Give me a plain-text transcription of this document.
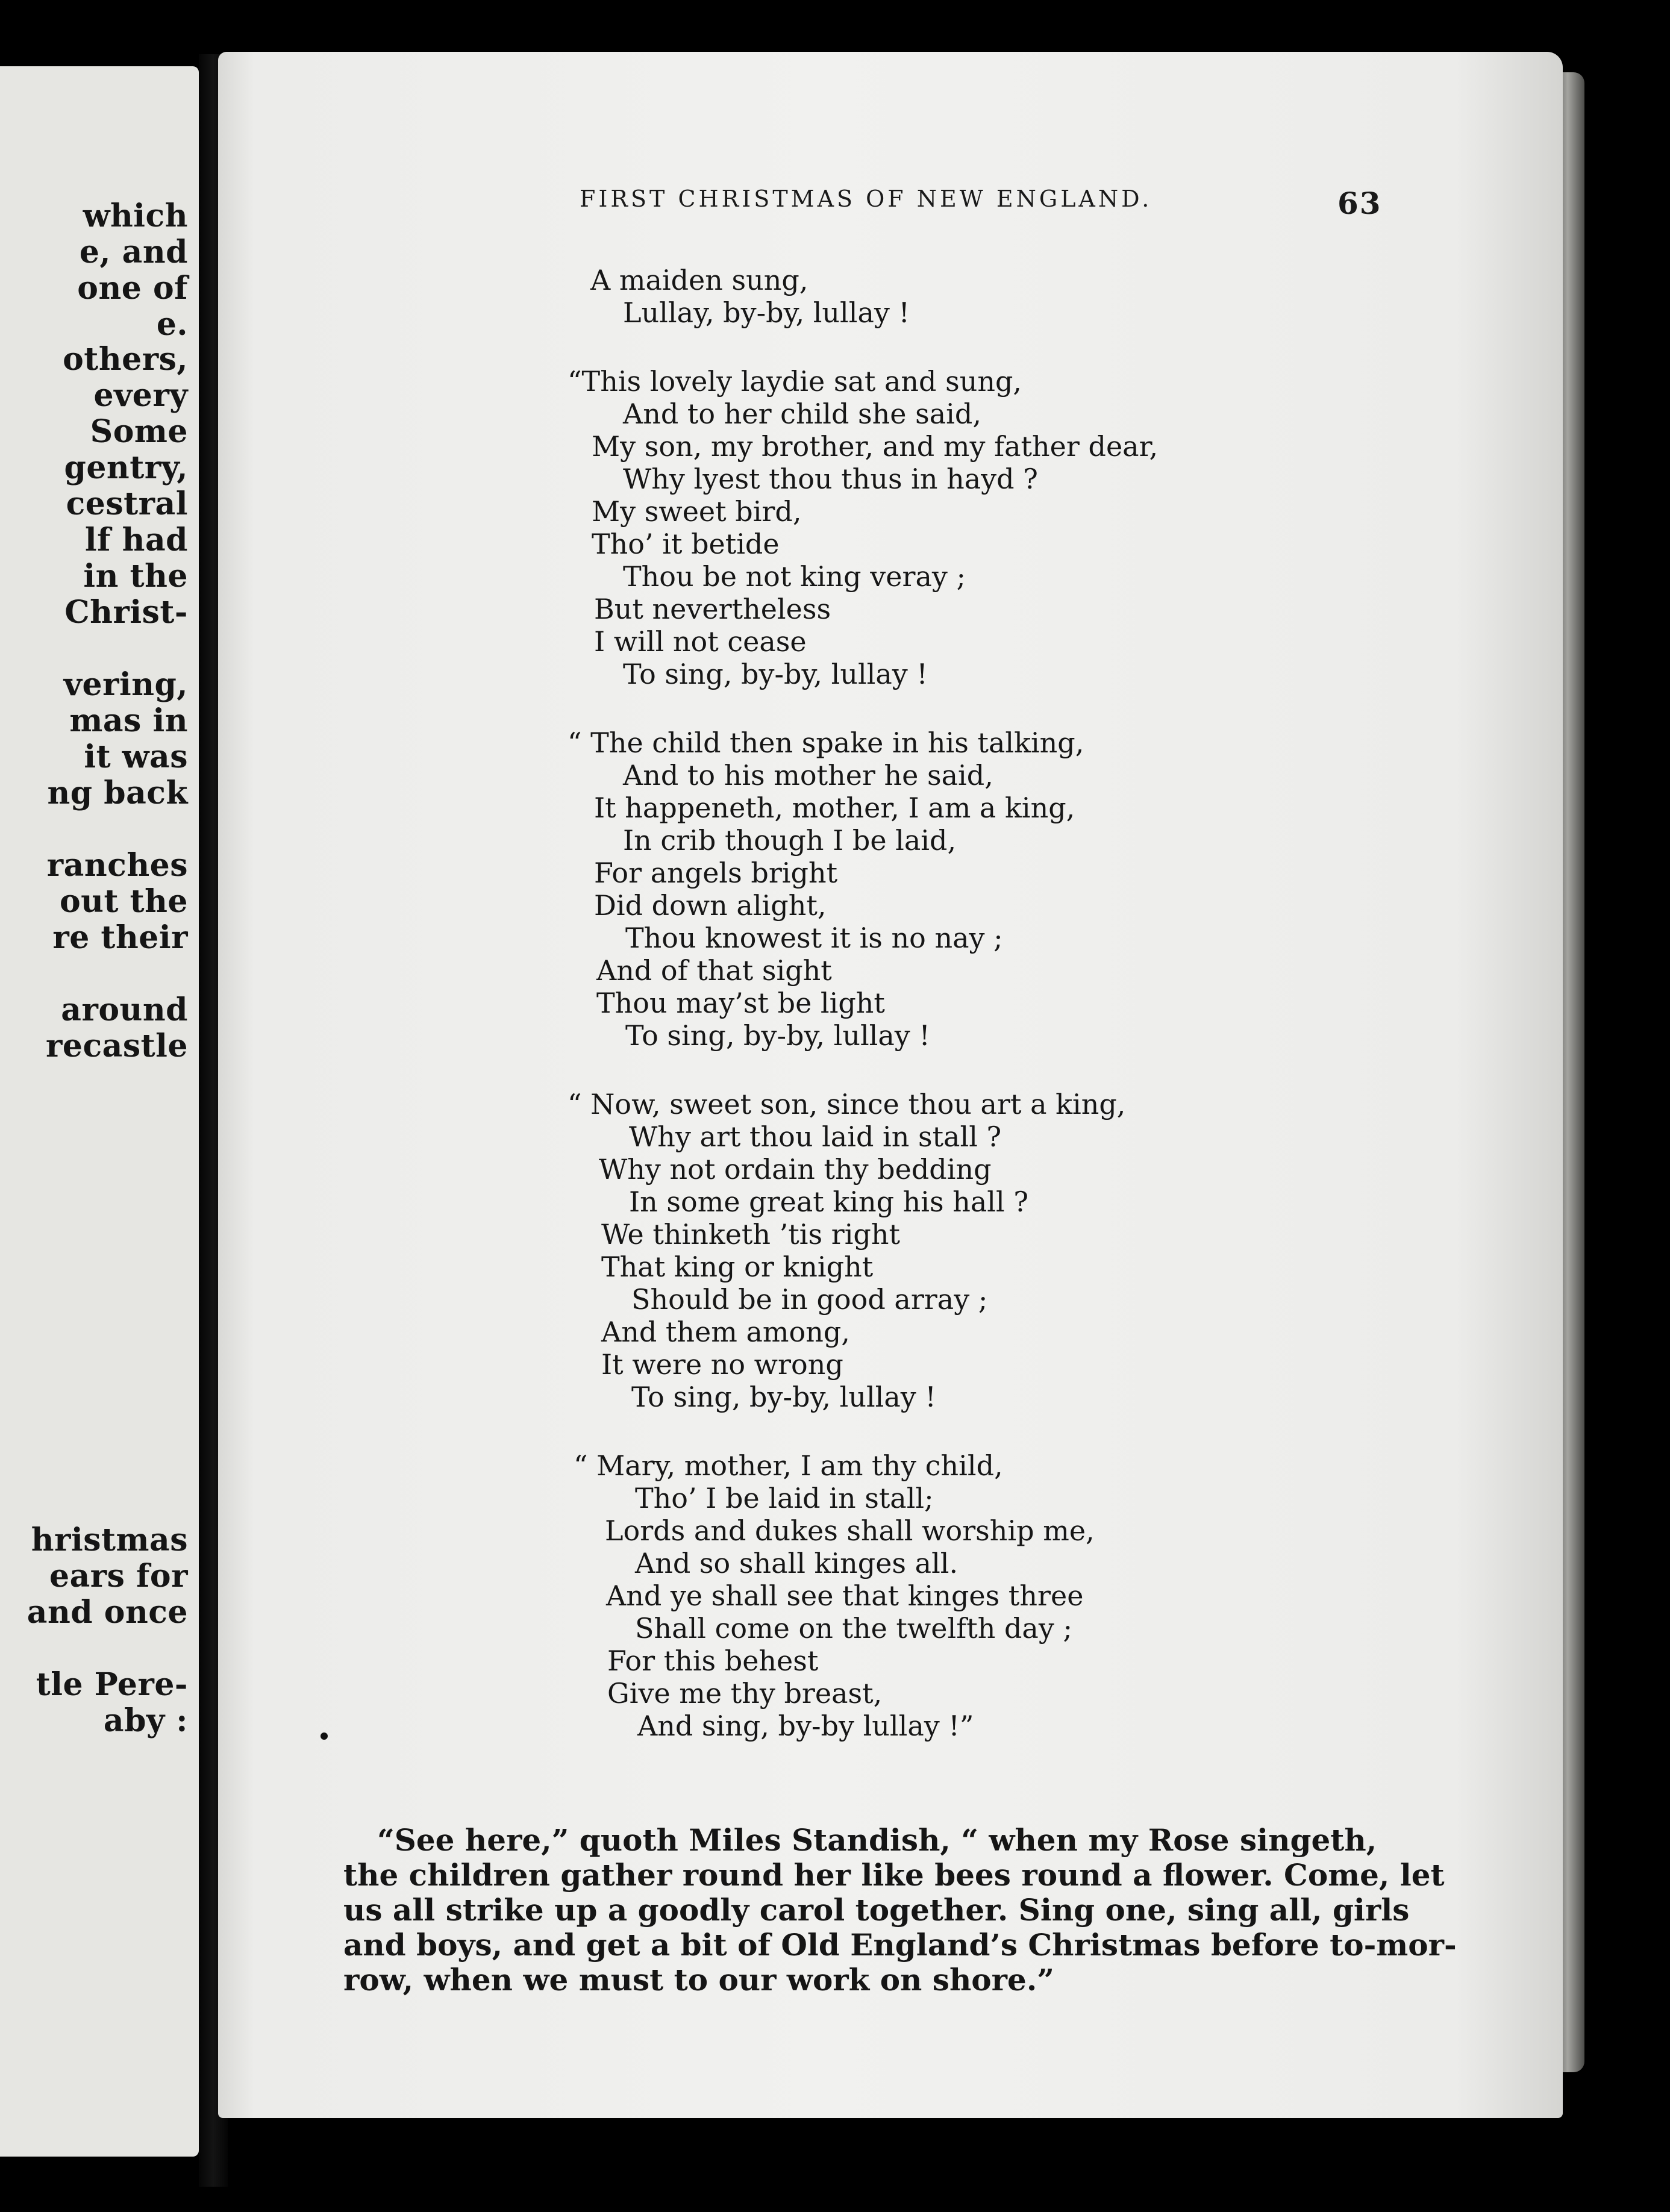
which
e, and
one of
e.
others,
every
Some
gentry,
cestral
lf had
in the
Christ-
vering,
mas in
it was
ng back
ranches
out the
re their
around
recastle
hristmas
ears for
and once
tle Pere-
aby :
FIRST CHRISTMAS OF NEW ENGLAND.	63
A maiden sung,
Lullay, by-by, lullay !
“This lovely laydie sat and sung,
And to her child she said,
My son, my brother, and my father dear,
Why lyest thou thus in hayd ?
My sweet bird,
Tho’ it betide
Thou be not king veray ;
But nevertheless
I will not cease
To sing, by-by, lullay !
“ The child then spake in his talking,
And to his mother he said,
It happeneth, mother, I am a king,
In crib though I be laid,
For angels bright
Did down alight,
Thou knowest it is no nay ;
And of that sight
Thou may’st be light
To sing, by-by, lullay !
“ Now, sweet son, since thou art a king,
Why art thou laid in stall ?
Why not ordain thy bedding
In some great king his hall ?
We thinketh ’tis right
That king or knight
Should be in good array ;
And them among,
It were no wrong
To sing, by-by, lullay !
“ Mary, mother, I am thy child,
Tho’ I be laid in stall;
Lords and dukes shall worship me,
And so shall kinges all.
And ye shall see that kinges three
Shall come on the twelfth day ;
For this behest
Give me thy breast,
And sing, by-by lullay !”
“See here,” quoth Miles Standish, “ when my Rose singeth,
the children gather round her like bees round a flower. Come, let
us all strike up a goodly carol together. Sing one, sing all, girls
and boys, and get a bit of Old England’s Christmas before to-mor-
row, when we must to our work on shore.”
